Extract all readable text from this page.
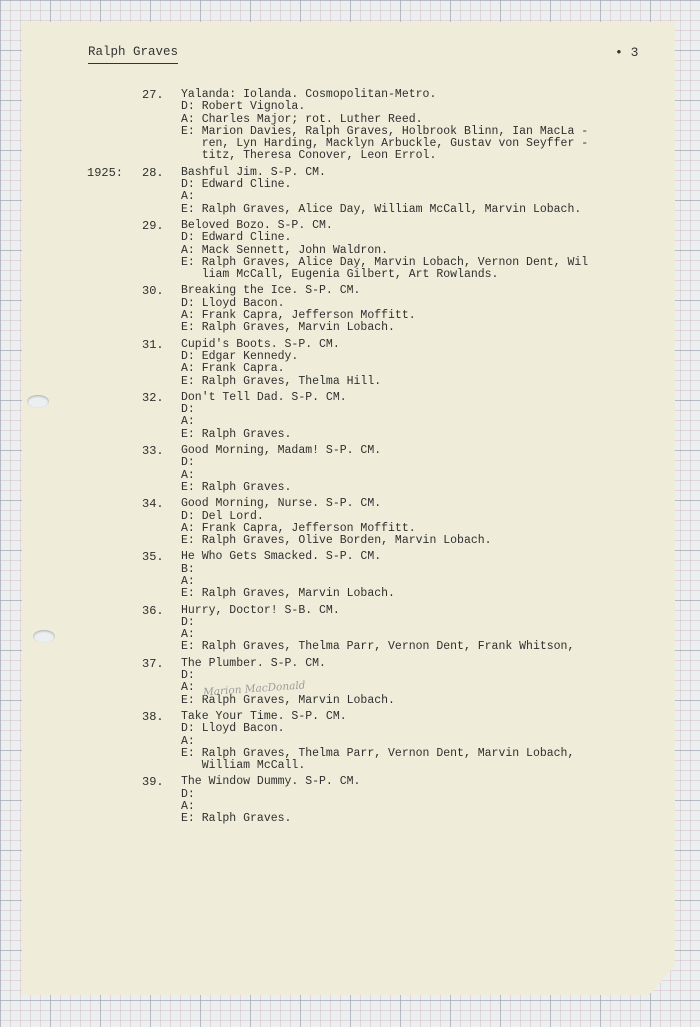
Ralph Graves	• 3
27. Yalanda: Iolanda. Cosmopolitan-Metro.
D: Robert Vignola.
A: Charles Major; rot. Luther Reed.
E: Marion Davies, Ralph Graves, Holbrook Blinn, Ian MacLa -
ren, Lyn Harding, Macklyn Arbuckle, Gustav von Seyffer -
titz, Theresa Conover, Leon Errol.
1925: 28. Bashful Jim. S-P. CM.
D: Edward Cline.
A:
E: Ralph Graves, Alice Day, William McCall, Marvin Lobach.
29. Beloved Bozo. S-P. CM.
D: Edward Cline.
A: Mack Sennett, John Waldron.
E: Ralph Graves, Alice Day, Marvin Lobach, Vernon Dent, Wil
liam McCall, Eugenia Gilbert, Art Rowlands.
30. Breaking the Ice. S-P. CM.
D: Lloyd Bacon.
A: Frank Capra, Jefferson Moffitt.
E: Ralph Graves, Marvin Lobach.
31. Cupid's Boots. S-P. CM.
D: Edgar Kennedy.
A: Frank Capra.
E: Ralph Graves, Thelma Hill.
32. Don't Tell Dad. S-P. CM.
D:
A:
E: Ralph Graves.
33. Good Morning, Madam! S-P. CM.
D:
A:
E: Ralph Graves.
34. Good Morning, Nurse. S-P. CM.
D: Del Lord.
A: Frank Capra, Jefferson Moffitt.
E: Ralph Graves, Olive Borden, Marvin Lobach.
35. He Who Gets Smacked. S-P. CM.
B:
A:
E: Ralph Graves, Marvin Lobach.
36. Hurry, Doctor! S-B. CM.
D:
A:
E: Ralph Graves, Thelma Parr, Vernon Dent, Frank Whitson,
37. The Plumber. S-P. CM.
D:
A:
E: Ralph Graves, Marvin Lobach.
38. Take Your Time. S-P. CM.
D: Lloyd Bacon.
A:
E: Ralph Graves, Thelma Parr, Vernon Dent, Marvin Lobach,
William McCall.
39. The Window Dummy. S-P. CM.
D:
A:
E: Ralph Graves.
Marion MacDonald
